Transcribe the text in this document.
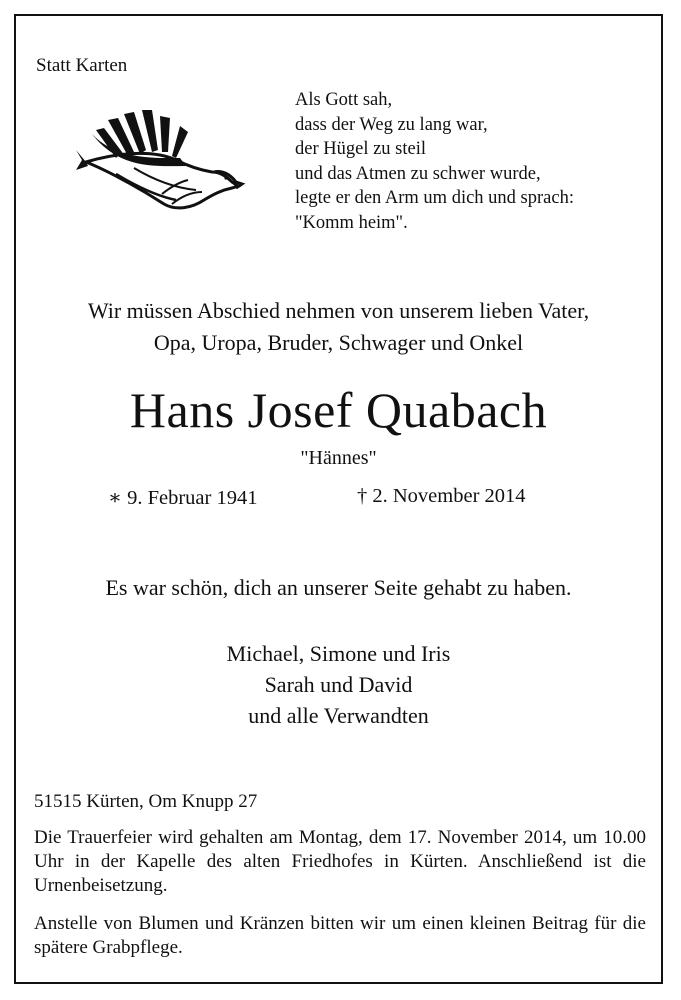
Statt Karten
Als Gott sah,
dass der Weg zu lang war,
der Hügel zu steil
und das Atmen zu schwer wurde,
legte er den Arm um dich und sprach:
"Komm heim".
Wir müssen Abschied nehmen von unserem lieben Vater,
Opa, Uropa, Bruder, Schwager und Onkel
Hans Josef Quabach
"Hännes"
∗ 9. Februar 1941	† 2. November 2014
Es war schön, dich an unserer Seite gehabt zu haben.
Michael, Simone und Iris
Sarah und David
und alle Verwandten
51515 Kürten, Om Knupp 27
Die Trauerfeier wird gehalten am Montag, dem 17. November 2014, um 10.00 Uhr in der Kapelle des alten Friedhofes in Kürten. Anschließend ist die Urnenbeisetzung.
Anstelle von Blumen und Kränzen bitten wir um einen kleinen Beitrag für die spätere Grabpflege.
